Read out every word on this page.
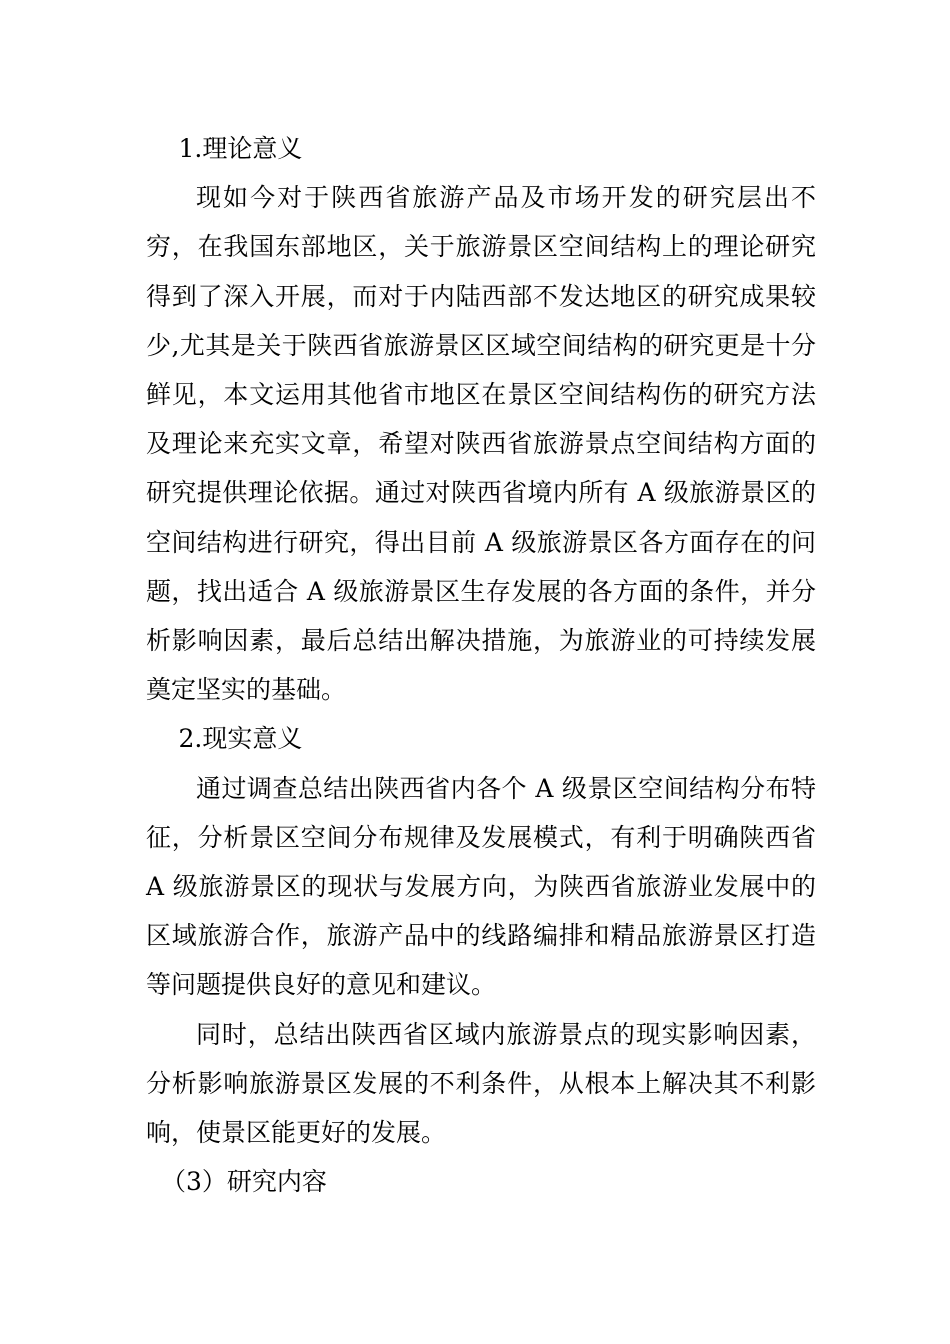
1.理论意义

现如今对于陕西省旅游产品及市场开发的研究层出不穷，在我国东部地区，关于旅游景区空间结构上的理论研究得到了深入开展，而对于内陆西部不发达地区的研究成果较少,尤其是关于陕西省旅游景区区域空间结构的研究更是十分鲜见，本文运用其他省市地区在景区空间结构伤的研究方法及理论来充实文章，希望对陕西省旅游景点空间结构方面的研究提供理论依据。通过对陕西省境内所有 A 级旅游景区的空间结构进行研究，得出目前 A 级旅游景区各方面存在的问题，找出适合 A 级旅游景区生存发展的各方面的条件，并分析影响因素，最后总结出解决措施，为旅游业的可持续发展奠定坚实的基础。

2.现实意义

通过调查总结出陕西省内各个 A 级景区空间结构分布特征，分析景区空间分布规律及发展模式，有利于明确陕西省 A 级旅游景区的现状与发展方向，为陕西省旅游业发展中的区域旅游合作，旅游产品中的线路编排和精品旅游景区打造等问题提供良好的意见和建议。

同时，总结出陕西省区域内旅游景点的现实影响因素，分析影响旅游景区发展的不利条件，从根本上解决其不利影响，使景区能更好的发展。

（3）研究内容
